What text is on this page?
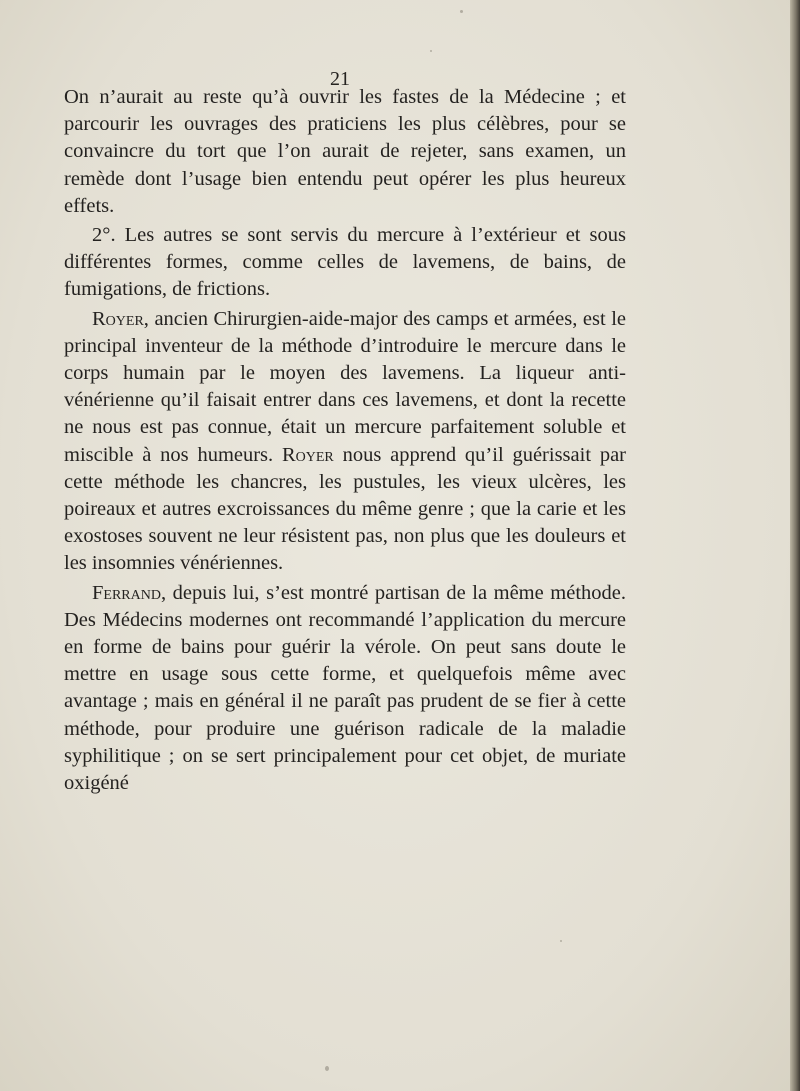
21

On n’aurait au reste qu’à ouvrir les fastes de la Médecine ; et parcourir les ouvrages des praticiens les plus célèbres, pour se convaincre du tort que l’on aurait de rejeter, sans examen, un remède dont l’usage bien entendu peut opérer les plus heureux effets.

2°. Les autres se sont servis du mercure à l’extérieur et sous différentes formes, comme celles de lavemens, de bains, de fumigations, de frictions.

Royer, ancien Chirurgien-aide-major des camps et armées, est le principal inventeur de la méthode d’introduire le mercure dans le corps humain par le moyen des lavemens. La liqueur anti-vénérienne qu’il faisait entrer dans ces lavemens, et dont la recette ne nous est pas connue, était un mercure parfaitement soluble et miscible à nos humeurs. Royer nous apprend qu’il guérissait par cette méthode les chancres, les pustules, les vieux ulcères, les poireaux et autres excroissances du même genre ; que la carie et les exostoses souvent ne leur résistent pas, non plus que les douleurs et les insomnies vénériennes.

Ferrand, depuis lui, s’est montré partisan de la même méthode. Des Médecins modernes ont recommandé l’application du mercure en forme de bains pour guérir la vérole. On peut sans doute le mettre en usage sous cette forme, et quelquefois même avec avantage ; mais en général il ne paraît pas prudent de se fier à cette méthode, pour produire une guérison radicale de la maladie syphilitique ; on se sert principalement pour cet objet, de muriate oxigéné
